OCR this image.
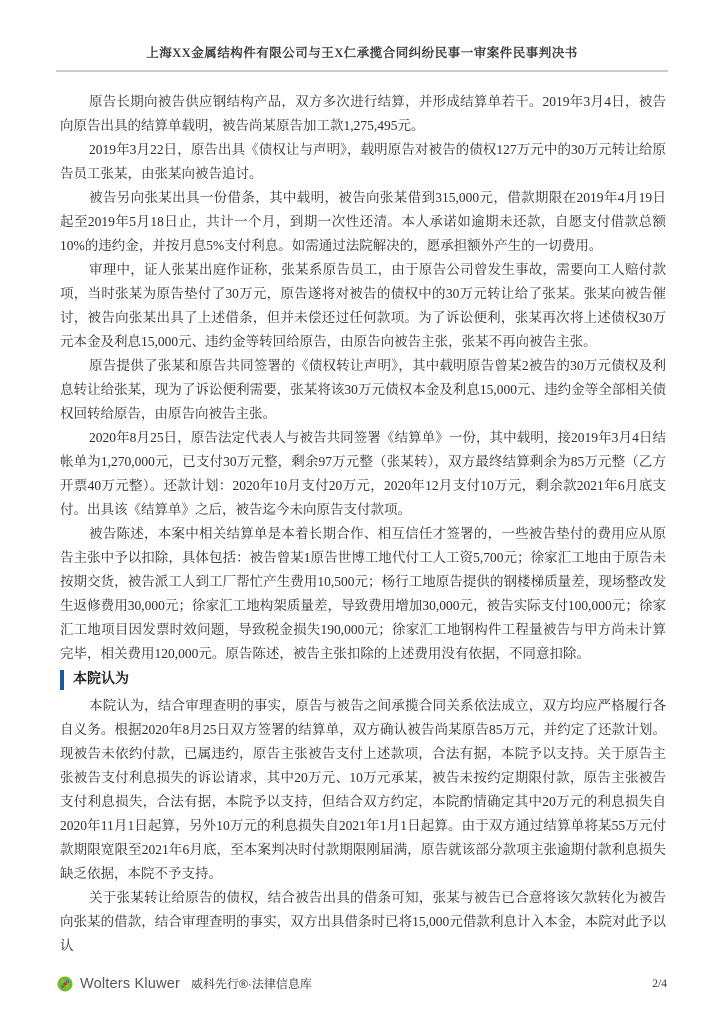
上海XX金属结构件有限公司与王X仁承揽合同纠纷民事一审案件民事判决书

原告长期向被告供应钢结构产品，双方多次进行结算，并形成结算单若干。2019年3月4日，被告向原告出具的结算单载明，被告尚某原告加工款1,275,495元。

2019年3月22日，原告出具《债权让与声明》，载明原告对被告的债权127万元中的30万元转让给原告员工张某，由张某向被告追讨。

被告另向张某出具一份借条，其中载明，被告向张某借到315,000元，借款期限在2019年4月19日起至2019年5月18日止，共计一个月，到期一次性还清。本人承诺如逾期未还款，自愿支付借款总额10%的违约金，并按月息5%支付利息。如需通过法院解决的，愿承担额外产生的一切费用。

审理中，证人张某出庭作证称，张某系原告员工，由于原告公司曾发生事故，需要向工人赔付款项，当时张某为原告垫付了30万元，原告遂将对被告的债权中的30万元转让给了张某。张某向被告催讨，被告向张某出具了上述借条，但并未偿还过任何款项。为了诉讼便利，张某再次将上述债权30万元本金及利息15,000元、违约金等转回给原告，由原告向被告主张，张某不再向被告主张。

原告提供了张某和原告共同签署的《债权转让声明》，其中载明原告曾某2被告的30万元债权及利息转让给张某，现为了诉讼便利需要，张某将该30万元债权本金及利息15,000元、违约金等全部相关债权回转给原告，由原告向被告主张。

2020年8月25日，原告法定代表人与被告共同签署《结算单》一份，其中载明，接2019年3月4日结帐单为1,270,000元，已支付30万元整，剩余97万元整（张某转），双方最终结算剩余为85万元整（乙方开票40万元整）。还款计划：2020年10月支付20万元，2020年12月支付10万元，剩余款2021年6月底支付。出具该《结算单》之后，被告迄今未向原告支付款项。

被告陈述，本案中相关结算单是本着长期合作、相互信任才签署的，一些被告垫付的费用应从原告主张中予以扣除，具体包括：被告曾某1原告世博工地代付工人工资5,700元；徐家汇工地由于原告未按期交货，被告派工人到工厂帮忙产生费用10,500元；杨行工地原告提供的钢楼梯质量差，现场整改发生返修费用30,000元；徐家汇工地构架质量差，导致费用增加30,000元，被告实际支付100,000元；徐家汇工地项目因发票时效问题，导致税金损失190,000元；徐家汇工地钢构件工程量被告与甲方尚未计算完毕，相关费用120,000元。原告陈述，被告主张扣除的上述费用没有依据，不同意扣除。

本院认为

本院认为，结合审理查明的事实，原告与被告之间承揽合同关系依法成立，双方均应严格履行各自义务。根据2020年8月25日双方签署的结算单，双方确认被告尚某原告85万元，并约定了还款计划。现被告未依约付款，已属违约，原告主张被告支付上述款项，合法有据，本院予以支持。关于原告主张被告支付利息损失的诉讼请求，其中20万元、10万元承某，被告未按约定期限付款，原告主张被告支付利息损失，合法有据，本院予以支持，但结合双方约定，本院酌情确定其中20万元的利息损失自2020年11月1日起算，另外10万元的利息损失自2021年1月1日起算。由于双方通过结算单将某55万元付款期限宽限至2021年6月底，至本案判决时付款期限刚届满，原告就该部分款项主张逾期付款利息损失缺乏依据，本院不予支持。

关于张某转让给原告的债权，结合被告出具的借条可知，张某与被告已合意将该欠款转化为被告向张某的借款，结合审理查明的事实，双方出具借条时已将15,000元借款利息计入本金，本院对此予以认

Wolters Kluwer 威科先行®·法律信息库	2/4
